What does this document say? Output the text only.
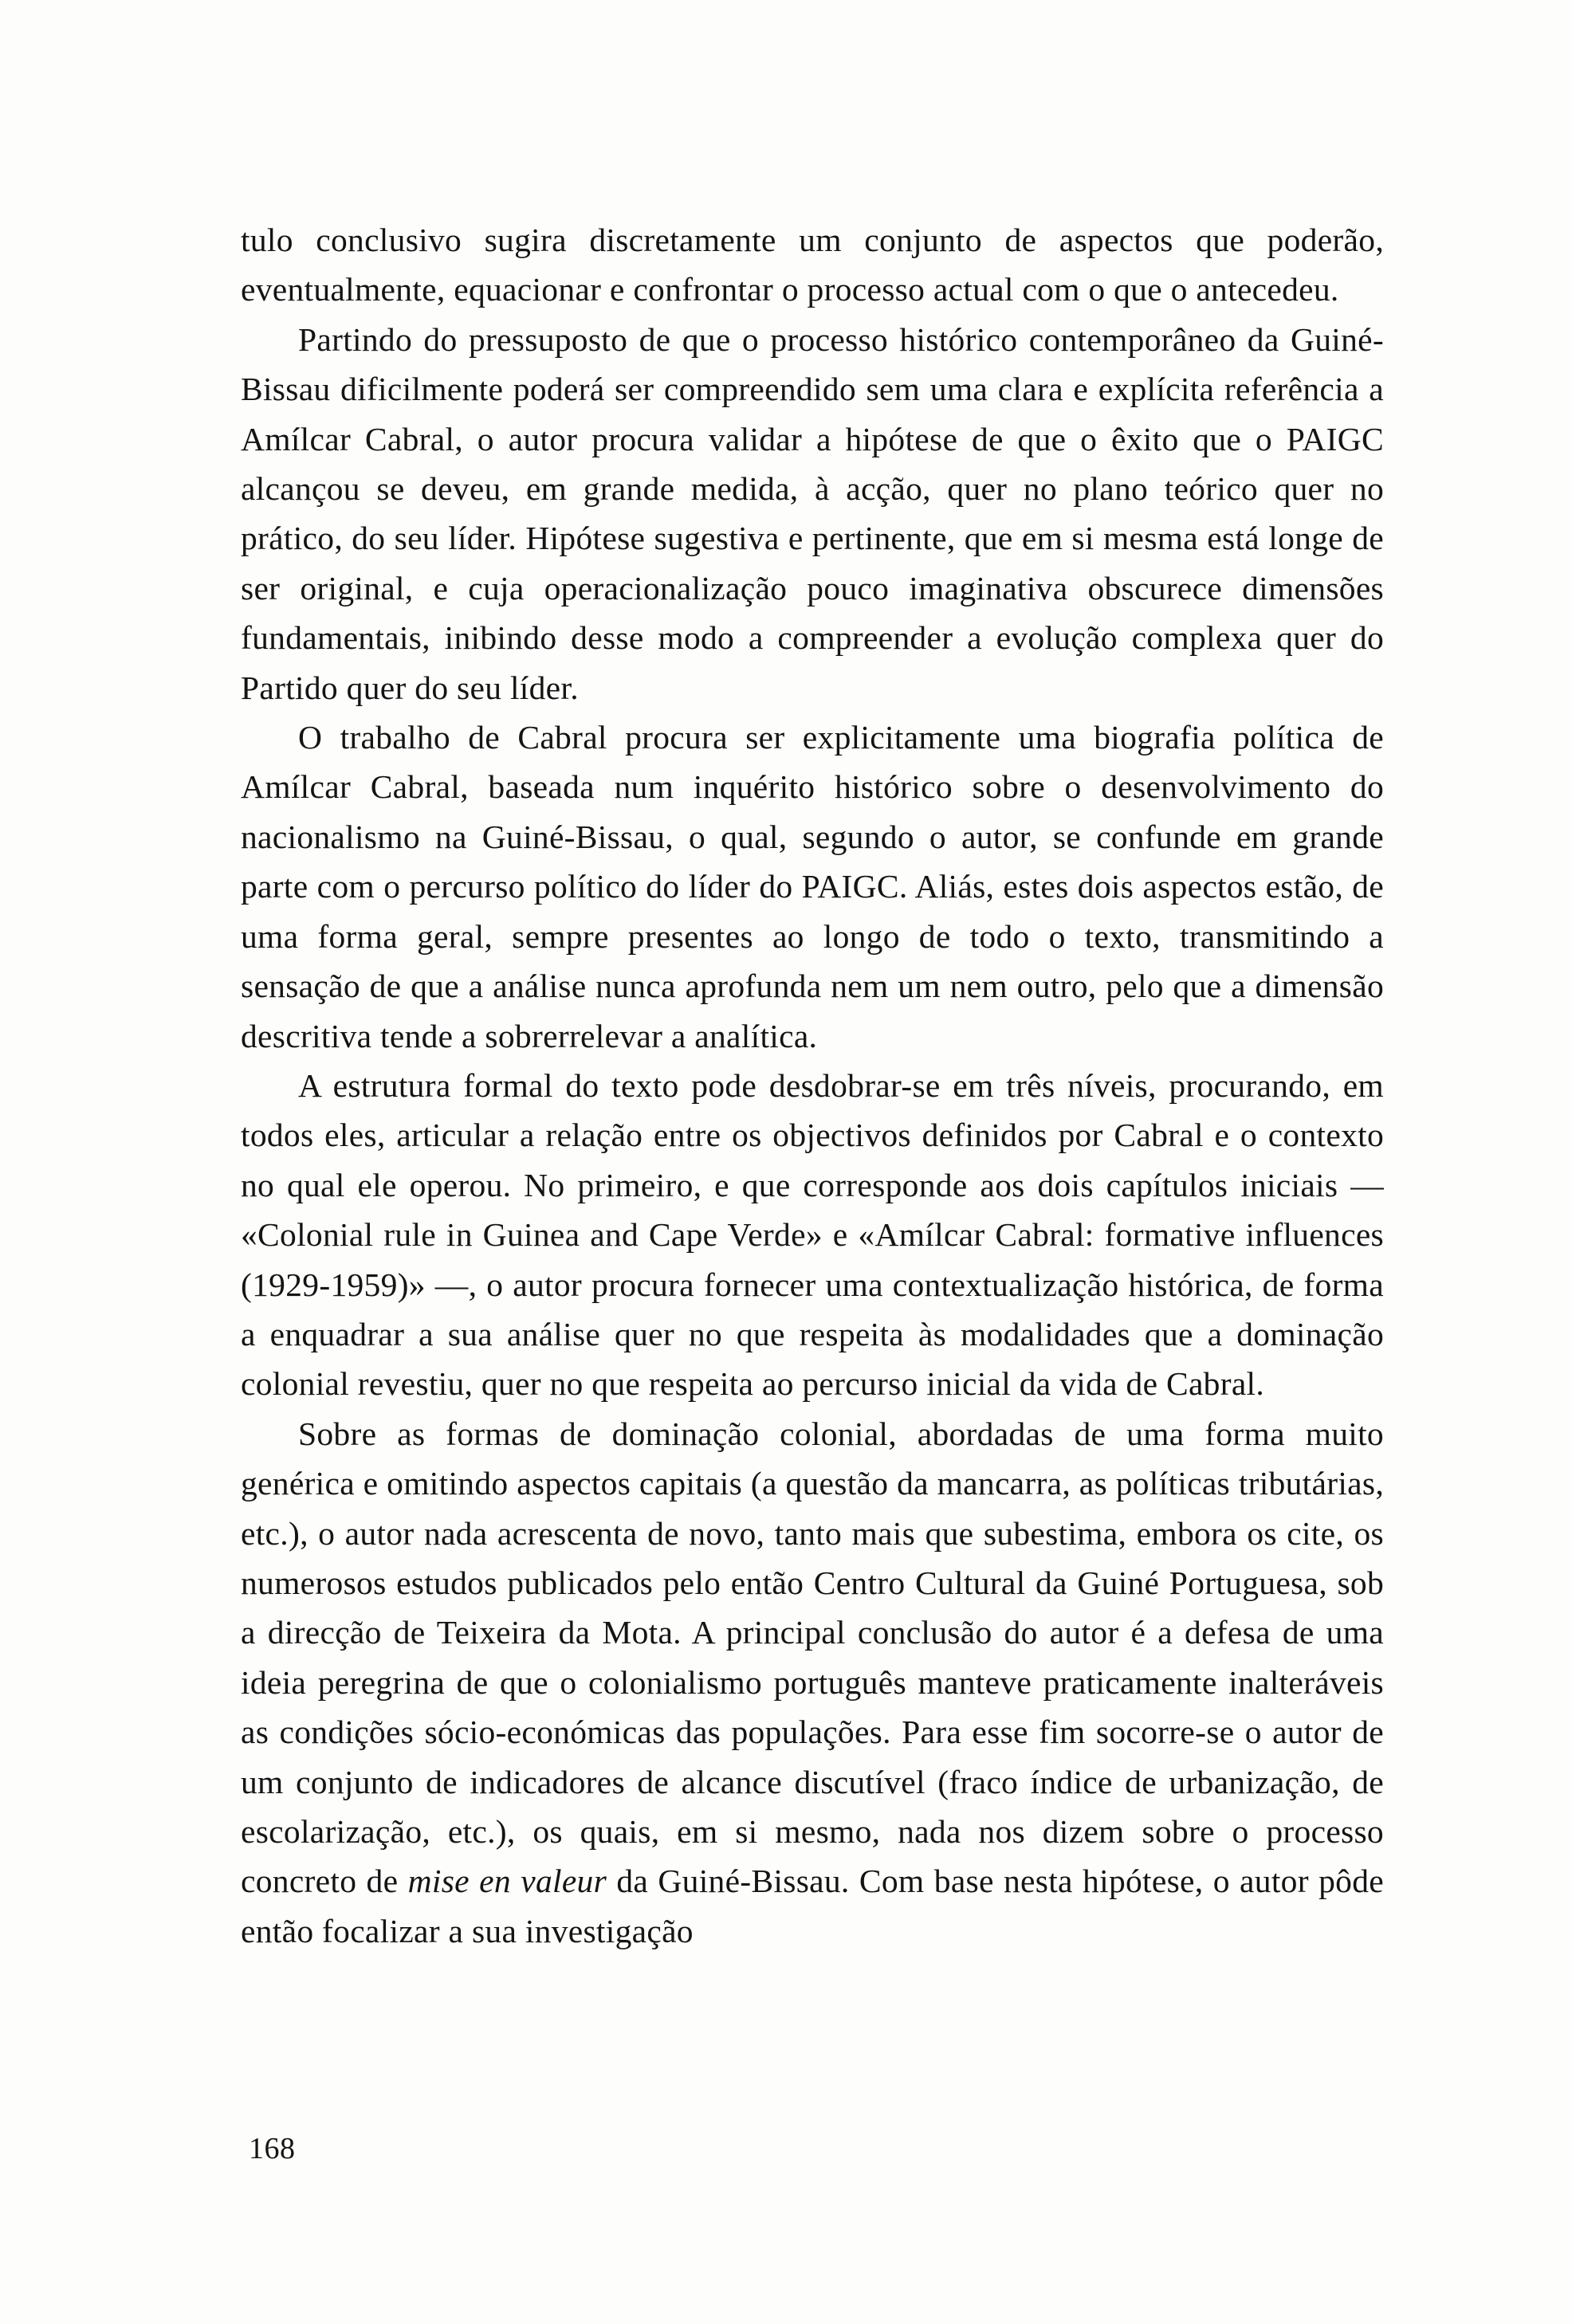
tulo conclusivo sugira discretamente um conjunto de aspectos que poderão, eventualmente, equacionar e confrontar o processo actual com o que o antecedeu.

Partindo do pressuposto de que o processo histórico contemporâneo da Guiné-Bissau dificilmente poderá ser compreendido sem uma clara e explícita referência a Amílcar Cabral, o autor procura validar a hipótese de que o êxito que o PAIGC alcançou se deveu, em grande medida, à acção, quer no plano teórico quer no prático, do seu líder. Hipótese sugestiva e pertinente, que em si mesma está longe de ser original, e cuja operacionalização pouco imaginativa obscurece dimensões fundamentais, inibindo desse modo a compreender a evolução complexa quer do Partido quer do seu líder.

O trabalho de Cabral procura ser explicitamente uma biografia política de Amílcar Cabral, baseada num inquérito histórico sobre o desenvolvimento do nacionalismo na Guiné-Bissau, o qual, segundo o autor, se confunde em grande parte com o percurso político do líder do PAIGC. Aliás, estes dois aspectos estão, de uma forma geral, sempre presentes ao longo de todo o texto, transmitindo a sensação de que a análise nunca aprofunda nem um nem outro, pelo que a dimensão descritiva tende a sobrerrelevar a analítica.

A estrutura formal do texto pode desdobrar-se em três níveis, procurando, em todos eles, articular a relação entre os objectivos definidos por Cabral e o contexto no qual ele operou. No primeiro, e que corresponde aos dois capítulos iniciais — «Colonial rule in Guinea and Cape Verde» e «Amílcar Cabral: formative influences (1929-1959)» —, o autor procura fornecer uma contextualização histórica, de forma a enquadrar a sua análise quer no que respeita às modalidades que a dominação colonial revestiu, quer no que respeita ao percurso inicial da vida de Cabral.

Sobre as formas de dominação colonial, abordadas de uma forma muito genérica e omitindo aspectos capitais (a questão da mancarra, as políticas tributárias, etc.), o autor nada acrescenta de novo, tanto mais que subestima, embora os cite, os numerosos estudos publicados pelo então Centro Cultural da Guiné Portuguesa, sob a direcção de Teixeira da Mota. A principal conclusão do autor é a defesa de uma ideia peregrina de que o colonialismo português manteve praticamente inalteráveis as condições sócio-económicas das populações. Para esse fim socorre-se o autor de um conjunto de indicadores de alcance discutível (fraco índice de urbanização, de escolarização, etc.), os quais, em si mesmo, nada nos dizem sobre o processo concreto de mise en valeur da Guiné-Bissau. Com base nesta hipótese, o autor pôde então focalizar a sua investigação

168
